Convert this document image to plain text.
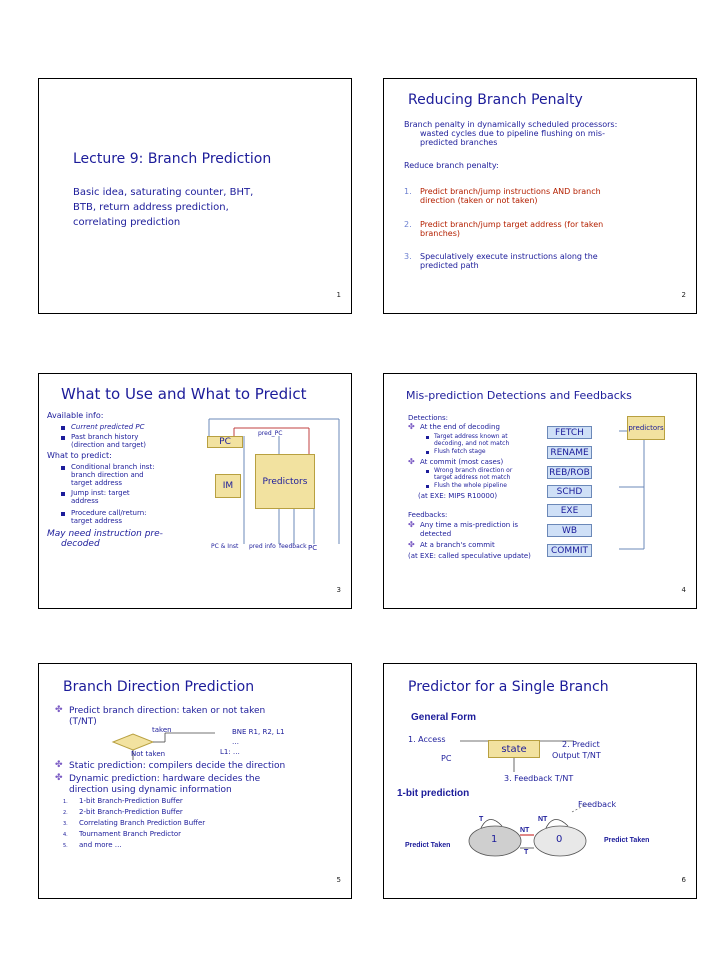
Lecture 9: Branch Prediction
Basic idea, saturating counter, BHT,
BTB, return address prediction,
correlating prediction
1
Reducing Branch Penalty
Branch penalty in dynamically scheduled processors:
wasted cycles due to pipeline flushing on mis-
predicted branches
Reduce branch penalty:
1. Predict branch/jump instructions AND branch
direction (taken or not taken)
2. Predict branch/jump target address (for taken
branches)
3. Speculatively execute instructions along the
predicted path
2
What to Use and What to Predict
Available info:
Current predicted PC
Past branch history
(direction and target)
What to predict:
Conditional branch inst:
branch direction and
target address
Jump inst: target
address
Procedure call/return:
target address
May need instruction pre-
decoded
pred_PC
PC
IM	Predictors
PC & Inst pred info feedback PC
3
Mis-prediction Detections and Feedbacks
Detections:
✤ At the end of decoding
Target address known at
decoding, and not match
Flush fetch stage
✤ At commit (most cases)
Wrong branch direction or
target address not match
Flush the whole pipeline
(at EXE: MIPS R10000)
Feedbacks:
✤ Any time a mis-prediction is
detected
✤ At a branch's commit
(at EXE: called speculative update)
FETCH
RENAME
REB/ROB
SCHD
EXE
WB
COMMIT
predictors
4
Branch Direction Prediction
✤ Predict branch direction: taken or not taken
(T/NT)
taken
Not taken
BNE R1, R2, L1
…
L1: …
✤ Static prediction: compilers decide the direction
✤ Dynamic prediction: hardware decides the
direction using dynamic information
1. 1-bit Branch-Prediction Buffer
2. 2-bit Branch-Prediction Buffer
3. Correlating Branch Prediction Buffer
4. Tournament Branch Predictor
5. and more …
5
Predictor for a Single Branch
General Form
1. Access
state	2. Predict
Output T/NT
PC
3. Feedback T/NT
1-bit prediction
Feedback
1	0
T	NT
NT
T
Predict Taken
Predict Taken
6
